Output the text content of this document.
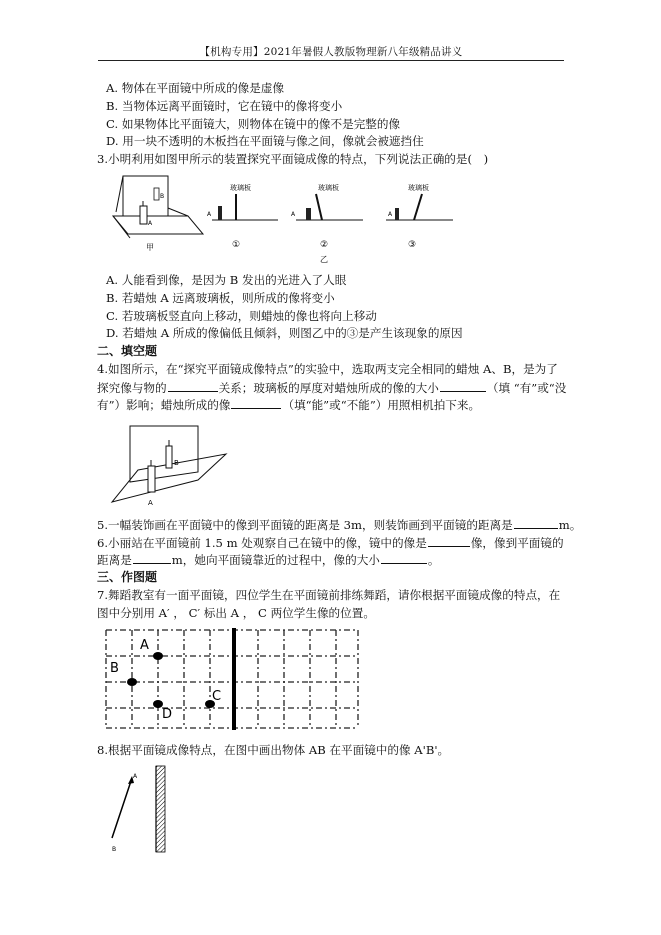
【机构专用】2021年暑假人教版物理新八年级精品讲义
A. 物体在平面镜中所成的像是虚像
B. 当物体远离平面镜时，它在镜中的像将变小
C. 如果物体比平面镜大，则物体在镜中的像不是完整的像
D. 用一块不透明的木板挡在平面镜与像之间，像就会被遮挡住
3.小明利用如图甲所示的装置探究平面镜成像的特点，下列说法正确的是(　)
A
B
甲
玻璃板
A
①
玻璃板
A
②
乙
玻璃板
A
③
A. 人能看到像，是因为 B 发出的光进入了人眼
B. 若蜡烛 A 远离玻璃板，则所成的像将变小
C. 若玻璃板竖直向上移动，则蜡烛的像也将向上移动
D. 若蜡烛 A 所成的像偏低且倾斜，则图乙中的③是产生该现象的原因
二、填空题
4.如图所示，在“探究平面镜成像特点”的实验中，选取两支完全相同的蜡烛 A、B，是为了
探究像与物的	关系；玻璃板的厚度对蜡烛所成的像的大小	（填 “有”或“没
有”）影响；蜡烛所成的像	（填“能”或“不能”）用照相机拍下来。
A
B
5.一幅装饰画在平面镜中的像到平面镜的距离是 3m，则装饰画到平面镜的距离是	m。
6.小丽站在平面镜前 1.5 m 处观察自己在镜中的像，镜中的像是	像，像到平面镜的
距离是	m，她向平面镜靠近的过程中，像的大小	。
三、作图题
7.舞蹈教室有一面平面镜，四位学生在平面镜前排练舞蹈，请你根据平面镜成像的特点，在
图中分别用 A′ ， C′ 标出 A ， C 两位学生像的位置。
A
B
C
D
8.根据平面镜成像特点，在图中画出物体 AB 在平面镜中的像 A'B'。
A
B
